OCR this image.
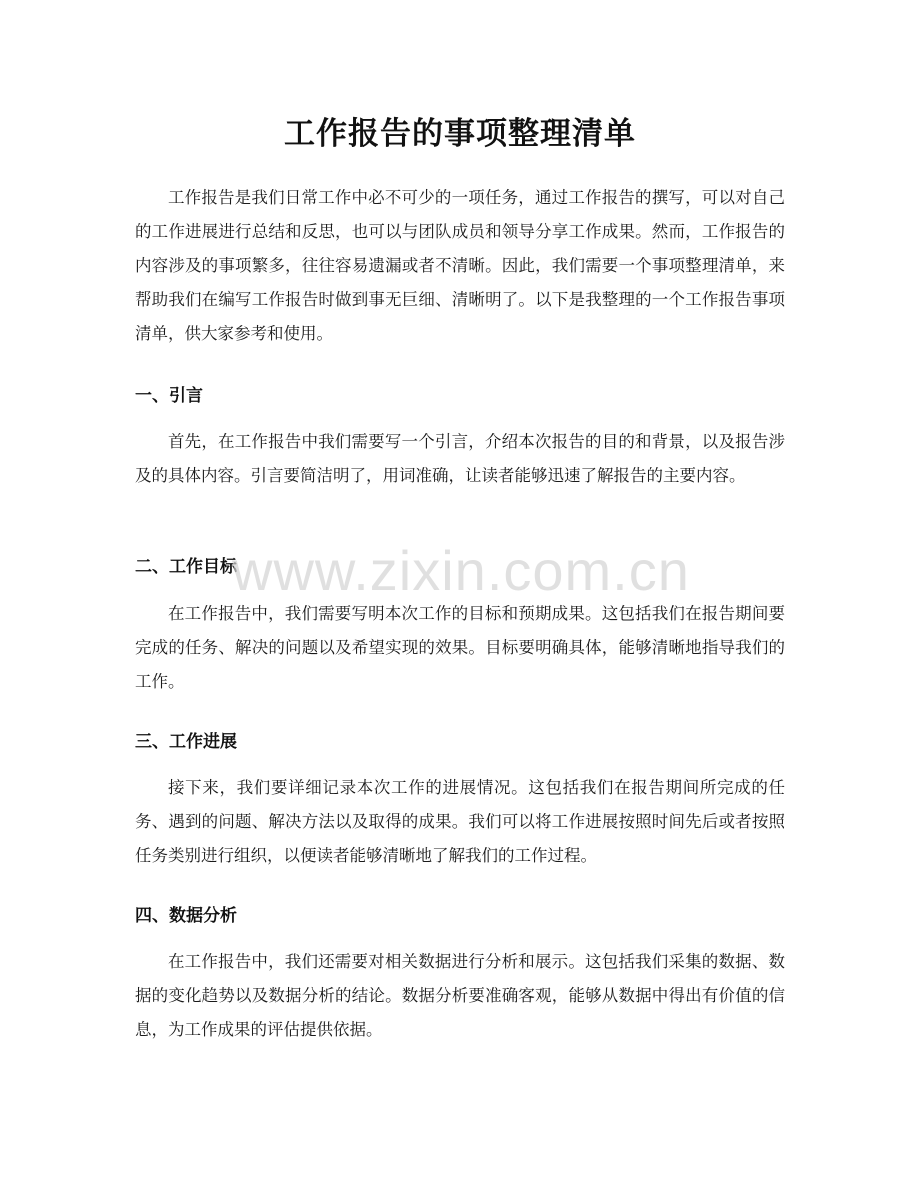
工作报告的事项整理清单

工作报告是我们日常工作中必不可少的一项任务，通过工作报告的撰写，可以对自己的工作进展进行总结和反思，也可以与团队成员和领导分享工作成果。然而，工作报告的内容涉及的事项繁多，往往容易遗漏或者不清晰。因此，我们需要一个事项整理清单，来帮助我们在编写工作报告时做到事无巨细、清晰明了。以下是我整理的一个工作报告事项清单，供大家参考和使用。

一、引言

首先，在工作报告中我们需要写一个引言，介绍本次报告的目的和背景，以及报告涉及的具体内容。引言要简洁明了，用词准确，让读者能够迅速了解报告的主要内容。

二、工作目标

在工作报告中，我们需要写明本次工作的目标和预期成果。这包括我们在报告期间要完成的任务、解决的问题以及希望实现的效果。目标要明确具体，能够清晰地指导我们的工作。

三、工作进展

接下来，我们要详细记录本次工作的进展情况。这包括我们在报告期间所完成的任务、遇到的问题、解决方法以及取得的成果。我们可以将工作进展按照时间先后或者按照任务类别进行组织，以便读者能够清晰地了解我们的工作过程。

四、数据分析

在工作报告中，我们还需要对相关数据进行分析和展示。这包括我们采集的数据、数据的变化趋势以及数据分析的结论。数据分析要准确客观，能够从数据中得出有价值的信息，为工作成果的评估提供依据。

www.zixin.com.cn
